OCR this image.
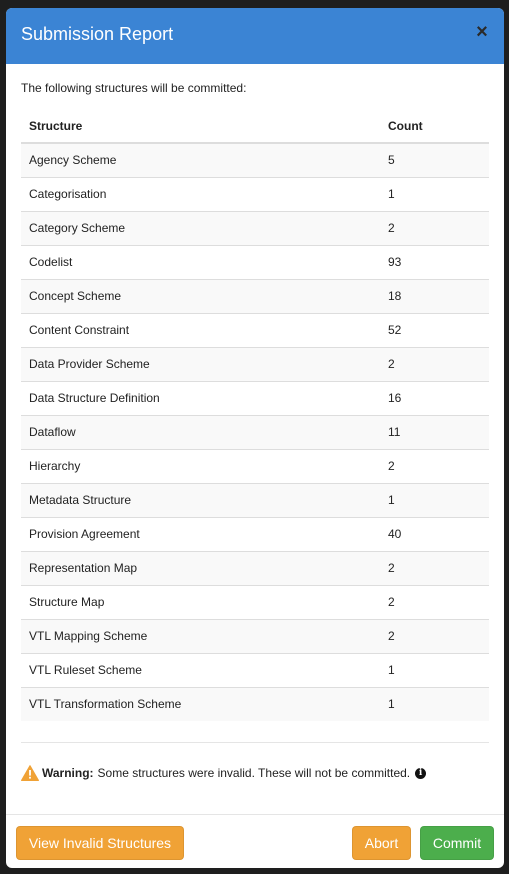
Submission Report	×
The following structures will be committed:
Structure	Count
Agency Scheme	5
Categorisation	1
Category Scheme	2
Codelist	93
Concept Scheme	18
Content Constraint	52
Data Provider Scheme	2
Data Structure Definition	16
Dataflow	11
Hierarchy	2
Metadata Structure	1
Provision Agreement	40
Representation Map	2
Structure Map	2
VTL Mapping Scheme	2
VTL Ruleset Scheme	1
VTL Transformation Scheme	1
Warning: Some structures were invalid. These will not be committed. i
View Invalid Structures	Abort	Commit
